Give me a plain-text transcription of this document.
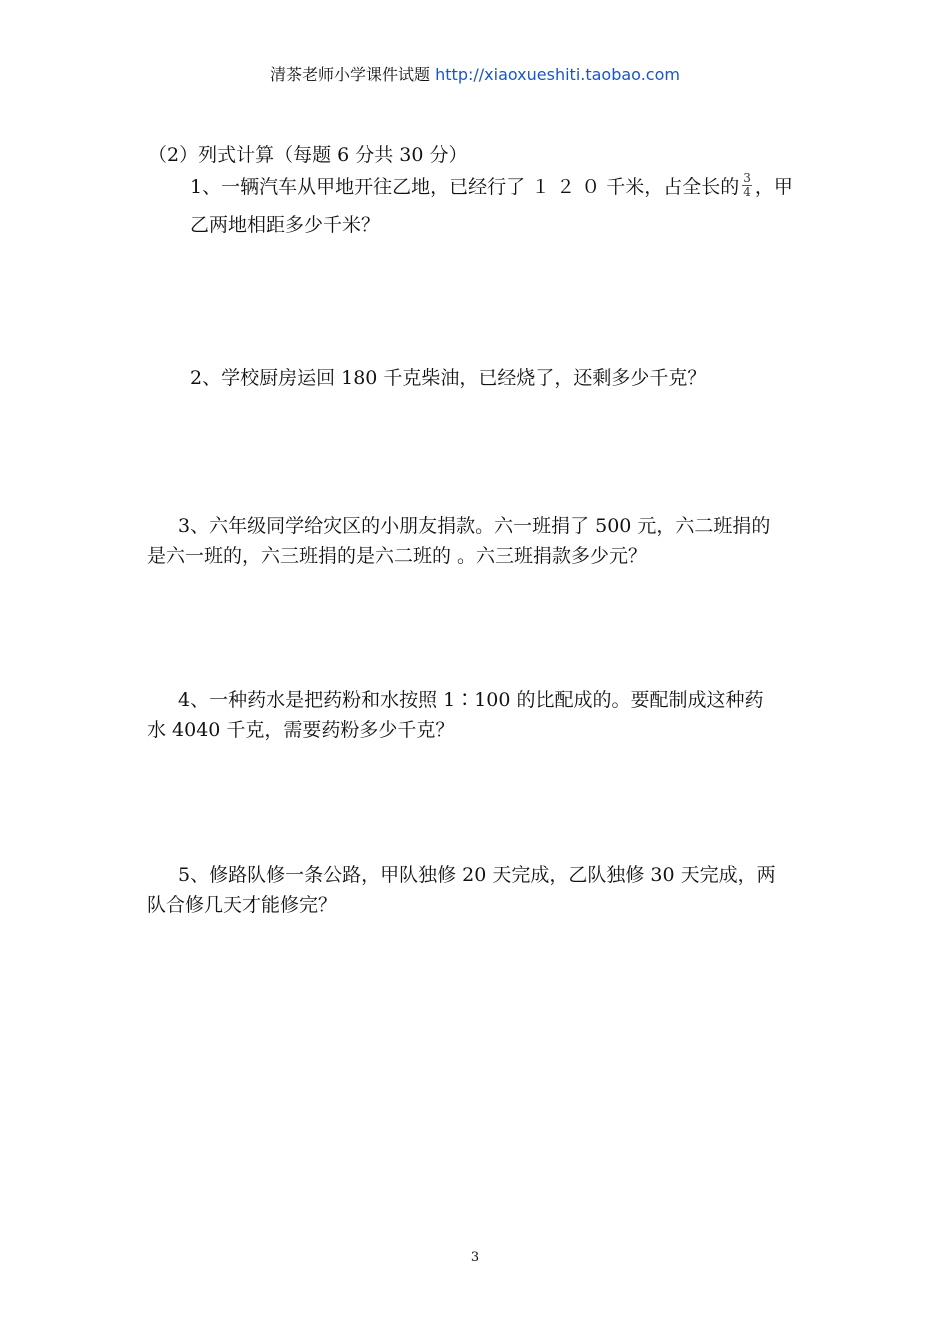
清茶老师小学课件试题 http://xiaoxueshiti.taobao.com
（2）列式计算（每题 6 分共 30 分）
1、一辆汽车从甲地开往乙地，已经行了 １ ２ ０ 千米，占全长的 $\frac{3}{4}$ ，甲
乙两地相距多少千米？
2、学校厨房运回 180 千克柴油，已经烧了，还剩多少千克？
3、六年级同学给灾区的小朋友捐款。六一班捐了 500 元，六二班捐的
是六一班的，六三班捐的是六二班的 。六三班捐款多少元？
4、一种药水是把药粉和水按照 1∶100 的比配成的。要配制成这种药
水 4040 千克，需要药粉多少千克？
5、修路队修一条公路，甲队独修 20 天完成，乙队独修 30 天完成，两
队合修几天才能修完？
3
